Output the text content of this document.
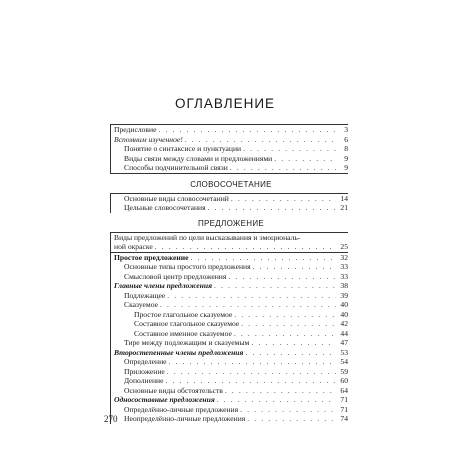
ОГЛАВЛЕНИЕ
Предисловие . . .	3
Вспомним изученное! . . .	6
Понятие о синтаксисе и пунктуации . . .	8
Виды связи между словами и предложениями . . .	9
Способы подчинительной связи . . .	9
СЛОВОСОЧЕТАНИЕ
Основные виды словосочетаний . . .	14
Цельные словосочетания . . .	21
ПРЕДЛОЖЕНИЕ
Виды предложений по цели высказывания и эмоциональ-
ной окраске . . .	25
Простое предложение . . .	32
Основные типы простого предложения . . .	33
Смысловой центр предложения . . .	33
Главные члены предложения . . .	38
Подлежащее . . .	39
Сказуемое . . .	40
Простое глагольное сказуемое . . .	40
Составное глагольное сказуемое . . .	42
Составное именное сказуемое . . .	44
Тире между подлежащим и сказуемым . . .	47
Второстепенные члены предложения . . .	53
Определение . . .	54
Приложение . . .	59
Дополнение . . .	60
Основные виды обстоятельств . . .	64
Односоставные предложения . . .	71
Определённо-личные предложения . . .	71
Неопределённо-личные предложения . . .	74
270
